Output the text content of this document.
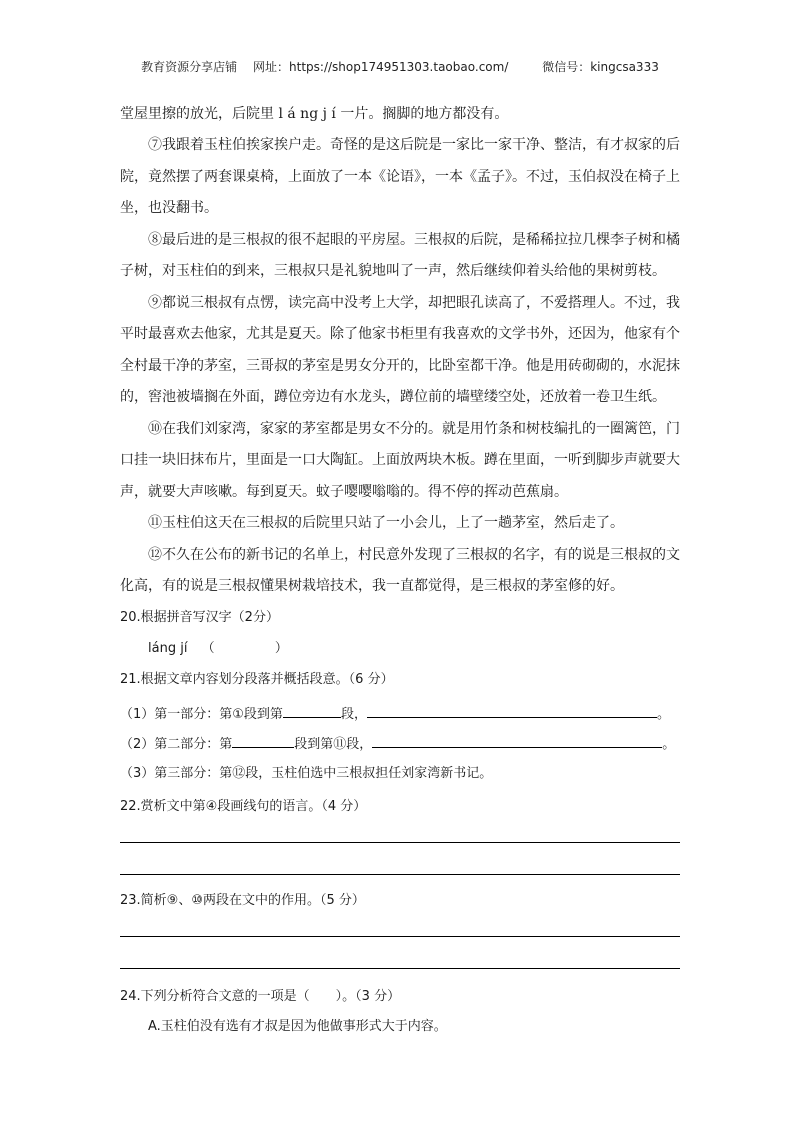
教育资源分享店铺 网址：https://shop174951303.taobao.com/	微信号：kingcsa333
堂屋里擦的放光，后院里 l á ng j í 一片。搁脚的地方都没有。
⑦我跟着玉柱伯挨家挨户走。奇怪的是这后院是一家比一家干净、整洁，有才叔家的后
院，竟然摆了两套课桌椅，上面放了一本《论语》，一本《孟子》。不过，玉伯叔没在椅子上
坐，也没翻书。
⑧最后进的是三根叔的很不起眼的平房屋。三根叔的后院，是稀稀拉拉几棵李子树和橘
子树，对玉柱伯的到来，三根叔只是礼貌地叫了一声，然后继续仰着头给他的果树剪枝。
⑨都说三根叔有点愣，读完高中没考上大学，却把眼孔读高了，不爱搭理人。不过，我
平时最喜欢去他家，尤其是夏天。除了他家书柜里有我喜欢的文学书外，还因为，他家有个
全村最干净的茅室，三哥叔的茅室是男女分开的，比卧室都干净。他是用砖砌砌的，水泥抹
的，窖池被墙搁在外面，蹲位旁边有水龙头，蹲位前的墙壁缕空处，还放着一卷卫生纸。
⑩在我们刘家湾，家家的茅室都是男女不分的。就是用竹条和树枝编扎的一圈篱笆，门
口挂一块旧抹布片，里面是一口大陶缸。上面放两块木板。蹲在里面，一听到脚步声就要大
声，就要大声咳嗽。每到夏天。蚊子嘤嘤嗡嗡的。得不停的挥动芭蕉扇。
⑪玉柱伯这天在三根叔的后院里只站了一小会儿，上了一趟茅室，然后走了。
⑫不久在公布的新书记的名单上，村民意外发现了三根叔的名字，有的说是三根叔的文
化高，有的说是三根叔懂果树栽培技术，我一直都觉得，是三根叔的茅室修的好。
20.根据拼音写汉字（2分）
láng jí （	）
21.根据文章内容划分段落并概括段意。（6 分）
（1）第一部分：第①段到第	段，	。
（2）第二部分：第	段到第⑪段，	。
（3）第三部分：第⑫段，玉柱伯选中三根叔担任刘家湾新书记。
22.赏析文中第④段画线句的语言。（4 分）
23.简析⑨、⑩两段在文中的作用。（5 分）
24.下列分析符合文意的一项是（　　）。（3 分）
A.玉柱伯没有选有才叔是因为他做事形式大于内容。
